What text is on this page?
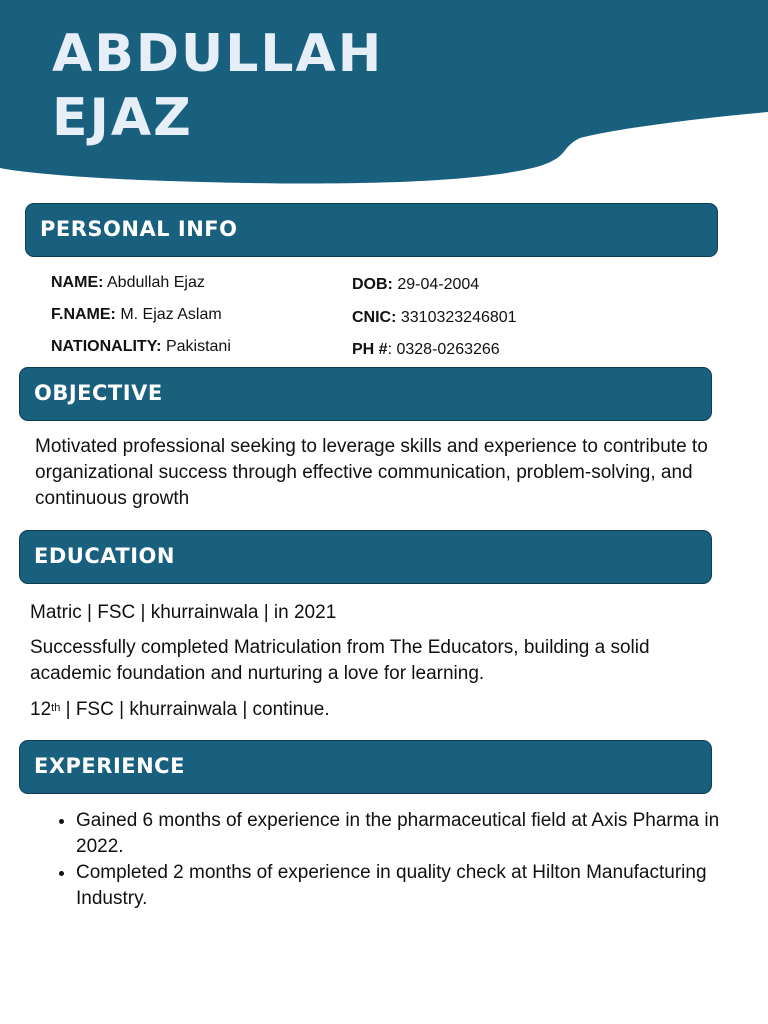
ABDULLAH
EJAZ
PERSONAL INFO

NAME: Abdullah Ejaz

F.NAME: M. Ejaz Aslam

NATIONALITY: Pakistani

DOB: 29-04-2004

CNIC: 3310323246801

PH #: 0328-0263266

OBJECTIVE

Motivated professional seeking to leverage skills and experience to contribute to organizational success through effective communication, problem-solving, and continuous growth

EDUCATION

Matric | FSC | khurrainwala | in 2021

Successfully completed Matriculation from The Educators, building a solid academic foundation and nurturing a love for learning.

12th | FSC | khurrainwala | continue.

EXPERIENCE
• Gained 6 months of experience in the pharmaceutical field at Axis Pharma in 2022.
• Completed 2 months of experience in quality check at Hilton Manufacturing Industry.
